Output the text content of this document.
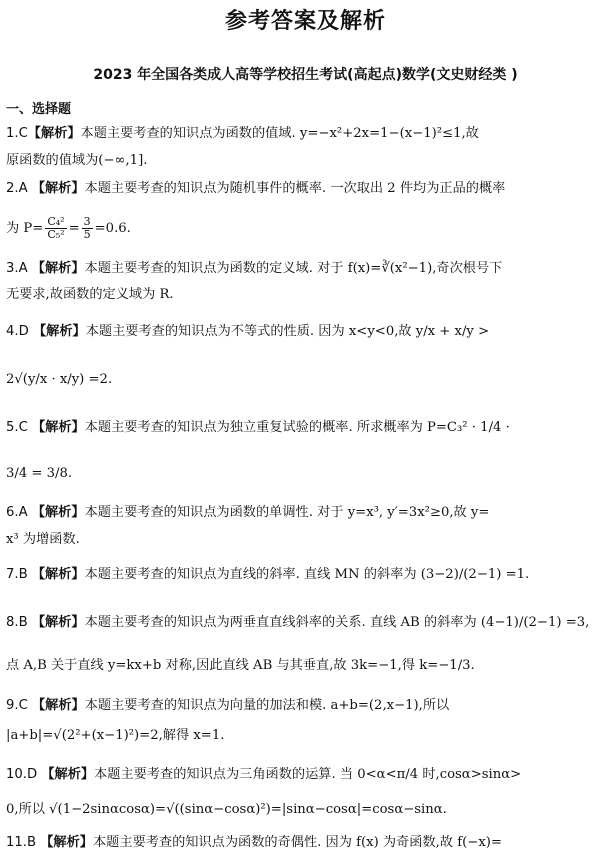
参考答案及解析
2023 年全国各类成人高等学校招生考试(高起点)数学(文史财经类 )
一、选择题
1.C【解析】本题主要考查的知识点为函数的值域. y=−x²+2x=1−(x−1)²≤1,故
原函数的值域为(−∞,1].
2.A 【解析】本题主要考查的知识点为随机事件的概率. 一次取出 2 件均为正品的概率
为 $P= \frac{\text{C₄²}}{\text{C₅²}} = \frac{3}{5} =0.6$.
3.A 【解析】本题主要考查的知识点为函数的定义域. 对于 f(x)=∛(x²−1),奇次根号下
无要求,故函数的定义域为 R.
4.D 【解析】本题主要考查的知识点为不等式的性质. 因为 x<y<0,故 y/x + x/y >
2√(y/x · x/y) =2.
5.C 【解析】本题主要考查的知识点为独立重复试验的概率. 所求概率为 P=C₃² · 1/4 ·
3/4 = 3/8.
6.A 【解析】本题主要考查的知识点为函数的单调性. 对于 y=x³, y′=3x²≥0,故 y=
x³ 为增函数.
7.B 【解析】本题主要考查的知识点为直线的斜率. 直线 MN 的斜率为 (3−2)/(2−1) =1.
8.B 【解析】本题主要考查的知识点为两垂直直线斜率的关系. 直线 AB 的斜率为 (4−1)/(2−1) =3,
点 A,B 关于直线 y=kx+b 对称,因此直线 AB 与其垂直,故 3k=−1,得 k=−1/3.
9.C 【解析】本题主要考查的知识点为向量的加法和模. a+b=(2,x−1),所以
|a+b|=√(2²+(x−1)²)=2,解得 x=1.
10.D 【解析】本题主要考查的知识点为三角函数的运算. 当 0<α<π/4 时,cosα>sinα>
0,所以 √(1−2sinαcosα)=√((sinα−cosα)²)=|sinα−cosα|=cosα−sinα.
11.B 【解析】本题主要考查的知识点为函数的奇偶性. 因为 f(x) 为奇函数,故 f(−x)=
